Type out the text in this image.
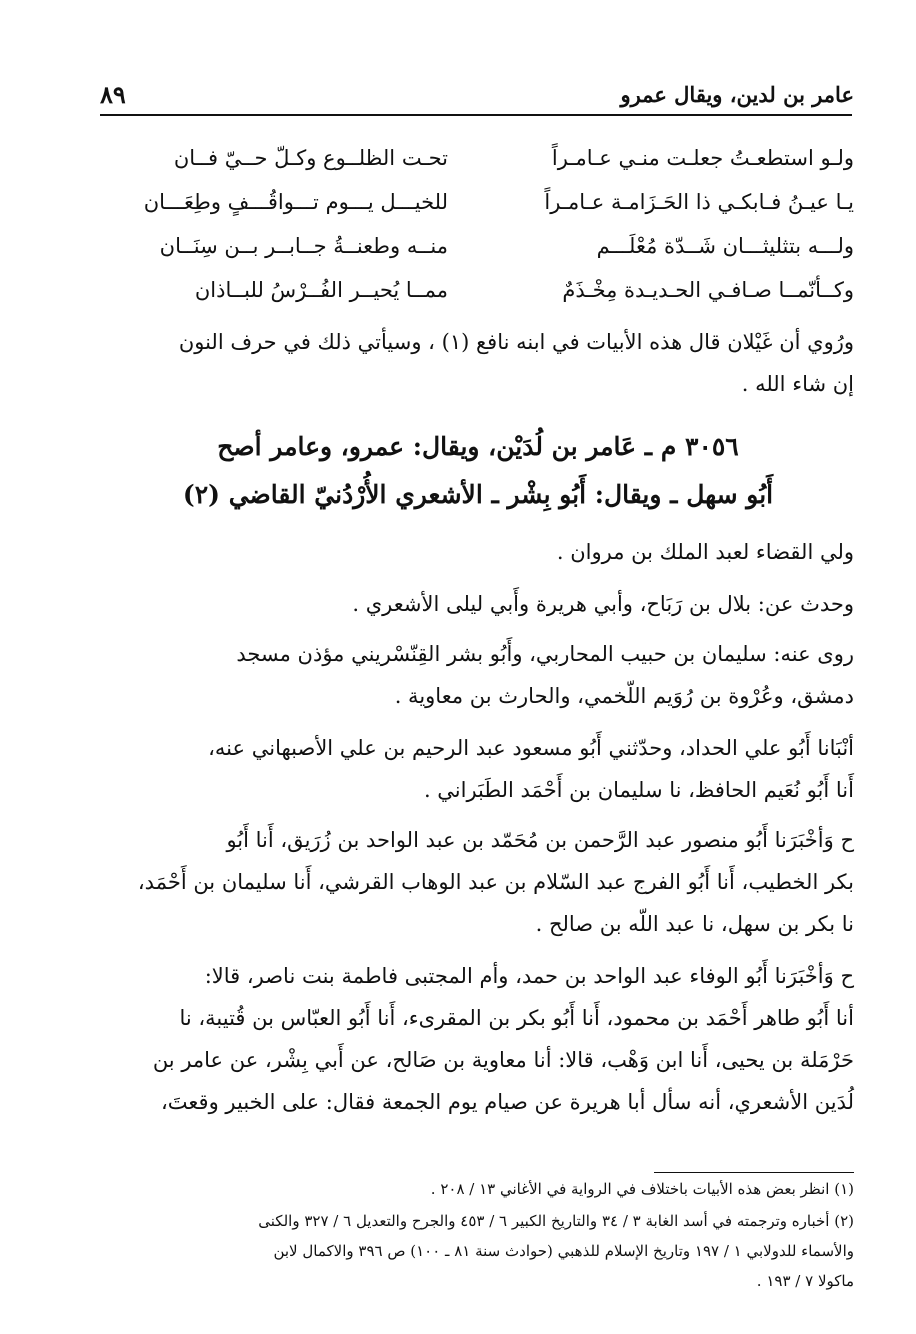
عامر بن لدين، ويقال عمرو
٨٩
ولـو استطعـتُ جعلـت منـي عـامـراً
تحـت الظلــوع وكـلّ حــيّ فــان
يـا عيـنُ فـابكـي ذا الحَـزَامـة عـامـراً
للخيـــل يـــوم تـــواقُـــفٍ وطِعَـــان
ولـــه بتثليثـــان شَــدّة مُعْلَـــم
منــه وطعنــةُ جــابــر بــن سِنَــان
وكــأنّمــا صـافـي الحـديـدة مِخْـذَمٌ
ممــا يُحيــر الفُــرْسُ للبــاذان
ورُوي أن غَيْلان قال هذه الأبيات في ابنه نافع (١) ، وسيأتي ذلك في حرف النون
إن شاء الله .
٣٠٥٦ م ـ عَامر بن لُدَيْن، ويقال: عمرو، وعامر أصح
أَبُو سهل ـ ويقال: أَبُو بِشْر ـ الأشعري الأُرْدُنيّ القاضي (٢)
ولي القضاء لعبد الملك بن مروان .
وحدث عن: بلال بن رَبَاح، وأبي هريرة وأَبي ليلى الأشعري .
روى عنه: سليمان بن حبيب المحاربي، وأَبُو بشر القِنّسْريني مؤذن مسجد
دمشق، وعُرْوة بن رُوَيم اللّخمي، والحارث بن معاوية .
أنْبَانا أَبُو علي الحداد، وحدّثني أَبُو مسعود عبد الرحيم بن علي الأصبهاني عنه،
أَنا أَبُو نُعَيم الحافظ، نا سليمان بن أَحْمَد الطَبَراني .
ح وَأخْبَرَنا أَبُو منصور عبد الرَّحمن بن مُحَمّد بن عبد الواحد بن زُرَيق، أَنا أَبُو
بكر الخطيب، أَنا أَبُو الفرج عبد السّلام بن عبد الوهاب القرشي، أَنا سليمان بن أَحْمَد،
نا بكر بن سهل، نا عبد اللّه بن صالح .
ح وَأخْبَرَنا أَبُو الوفاء عبد الواحد بن حمد، وأم المجتبى فاطمة بنت ناصر، قالا:
أنا أَبُو طاهر أَحْمَد بن محمود، أَنا أَبُو بكر بن المقرىء، أَنا أَبُو العبّاس بن قُتيبة، نا
حَرْمَلة بن يحيى، أَنا ابن وَهْب، قالا: أنا معاوية بن صَالح، عن أَبي بِشْر، عن عامر بن
لُدَين الأشعري، أنه سأل أبا هريرة عن صيام يوم الجمعة فقال: على الخبير وقعتَ،
(١) انظر بعض هذه الأبيات باختلاف في الرواية في الأغاني ١٣ / ٢٠٨ .
(٢) أخباره وترجمته في أسد الغابة ٣ / ٣٤ والتاريخ الكبير ٦ / ٤٥٣ والجرح والتعديل ٦ / ٣٢٧ والكنى
والأسماء للدولابي ١ / ١٩٧ وتاريخ الإسلام للذهبي (حوادث سنة ٨١ ـ ١٠٠) ص ٣٩٦ والاكمال لابن
ماكولا ٧ / ١٩٣ .
